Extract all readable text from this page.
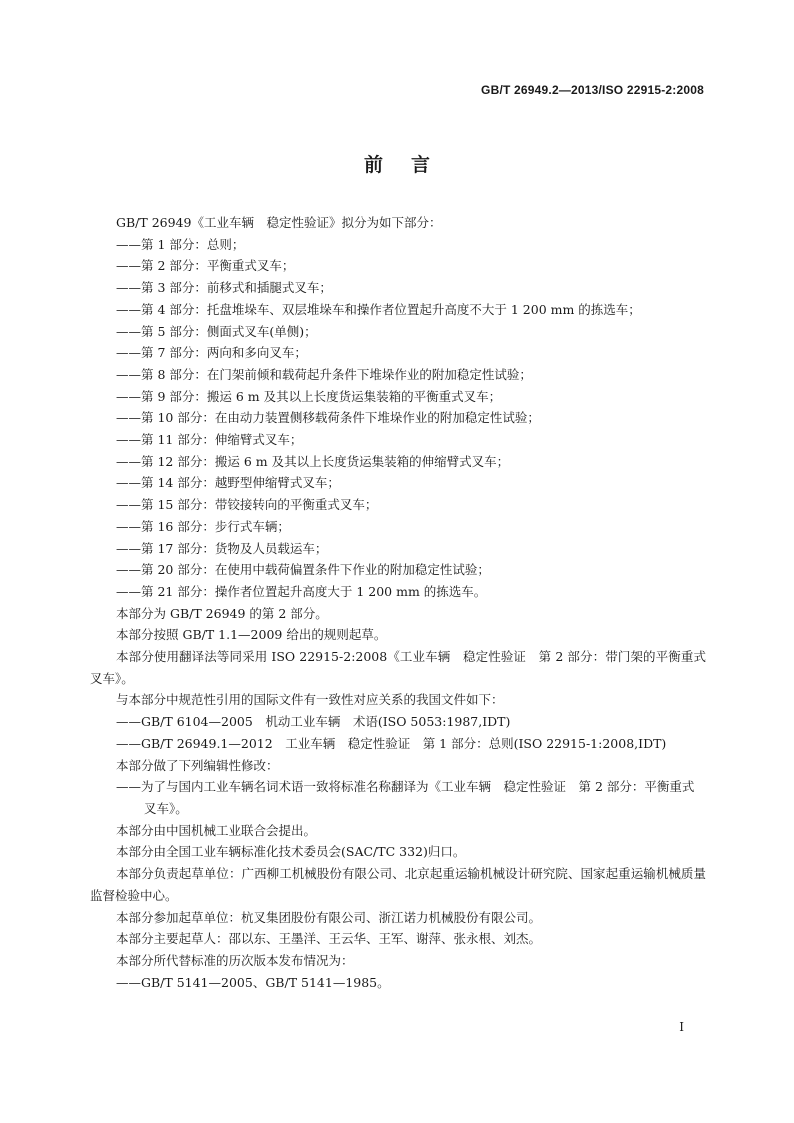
GB/T 26949.2—2013/ISO 22915-2:2008
前言

GB/T 26949《工业车辆　稳定性验证》拟分为如下部分：

——第 1 部分：总则；

——第 2 部分：平衡重式叉车；

——第 3 部分：前移式和插腿式叉车；

——第 4 部分：托盘堆垛车、双层堆垛车和操作者位置起升高度不大于 1 200 mm 的拣选车；

——第 5 部分：侧面式叉车(单侧)；

——第 7 部分：两向和多向叉车；

——第 8 部分：在门架前倾和载荷起升条件下堆垛作业的附加稳定性试验；

——第 9 部分：搬运 6 m 及其以上长度货运集装箱的平衡重式叉车；

——第 10 部分：在由动力装置侧移载荷条件下堆垛作业的附加稳定性试验；

——第 11 部分：伸缩臂式叉车；

——第 12 部分：搬运 6 m 及其以上长度货运集装箱的伸缩臂式叉车；

——第 14 部分：越野型伸缩臂式叉车；

——第 15 部分：带铰接转向的平衡重式叉车；

——第 16 部分：步行式车辆；

——第 17 部分：货物及人员载运车；

——第 20 部分：在使用中载荷偏置条件下作业的附加稳定性试验；

——第 21 部分：操作者位置起升高度大于 1 200 mm 的拣选车。

本部分为 GB/T 26949 的第 2 部分。

本部分按照 GB/T 1.1—2009 给出的规则起草。

本部分使用翻译法等同采用 ISO 22915-2:2008《工业车辆　稳定性验证　第 2 部分：带门架的平衡重式叉车》。

与本部分中规范性引用的国际文件有一致性对应关系的我国文件如下：

——GB/T 6104—2005　机动工业车辆　术语(ISO 5053:1987,IDT)

——GB/T 26949.1—2012　工业车辆　稳定性验证　第 1 部分：总则(ISO 22915-1:2008,IDT)

本部分做了下列编辑性修改：

——为了与国内工业车辆名词术语一致将标准名称翻译为《工业车辆　稳定性验证　第 2 部分：平衡重式叉车》。

本部分由中国机械工业联合会提出。

本部分由全国工业车辆标准化技术委员会(SAC/TC 332)归口。

本部分负责起草单位：广西柳工机械股份有限公司、北京起重运输机械设计研究院、国家起重运输机械质量监督检验中心。

本部分参加起草单位：杭叉集团股份有限公司、浙江诺力机械股份有限公司。

本部分主要起草人：邵以东、王墨洋、王云华、王军、谢萍、张永根、刘杰。

本部分所代替标准的历次版本发布情况为：

——GB/T 5141—2005、GB/T 5141—1985。

I
